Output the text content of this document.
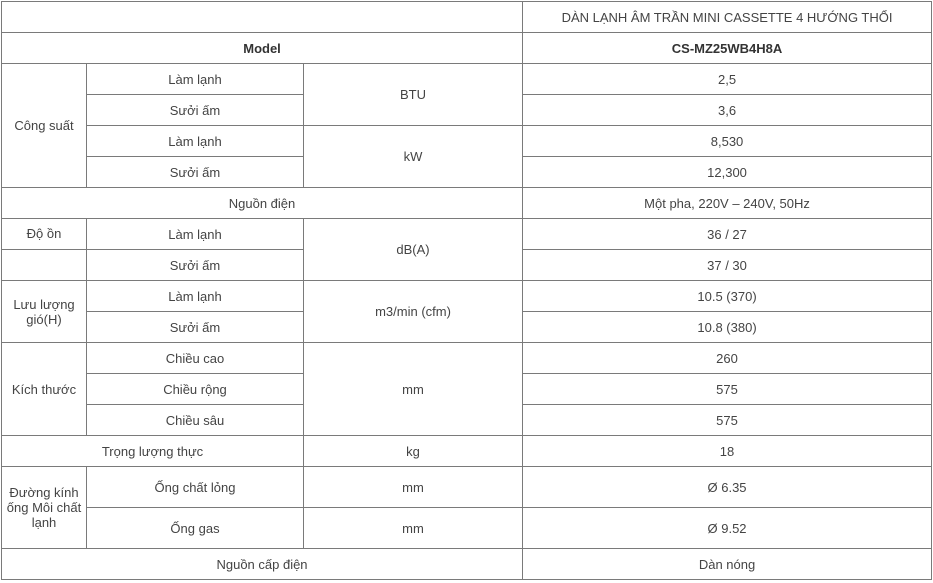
			DÀN LẠNH ÂM TRẦN MINI CASSETTE 4 HƯỚNG THỔI
Model			CS-MZ25WB4H8A
Công suất	Làm lạnh	BTU	2,5
	Sưởi ấm		3,6
	Làm lạnh	kW	8,530
	Sưởi ấm		12,300
Nguồn điện			Một pha, 220V – 240V, 50Hz
Độ ồn	Làm lạnh	dB(A)	36 / 27
	Sưởi ấm		37 / 30
Lưu lượng gió(H)	Làm lạnh	m3/min (cfm)	10.5 (370)
	Sưởi ấm		10.8 (380)
Kích thước	Chiều cao	mm	260
	Chiều rộng		575
	Chiều sâu		575
Trọng lượng thực		kg	18
Đường kính ống Môi chất lạnh	Ống chất lỏng	mm	Ø 6.35
	Ống gas	mm	Ø 9.52
Nguồn cấp điện			Dàn nóng
